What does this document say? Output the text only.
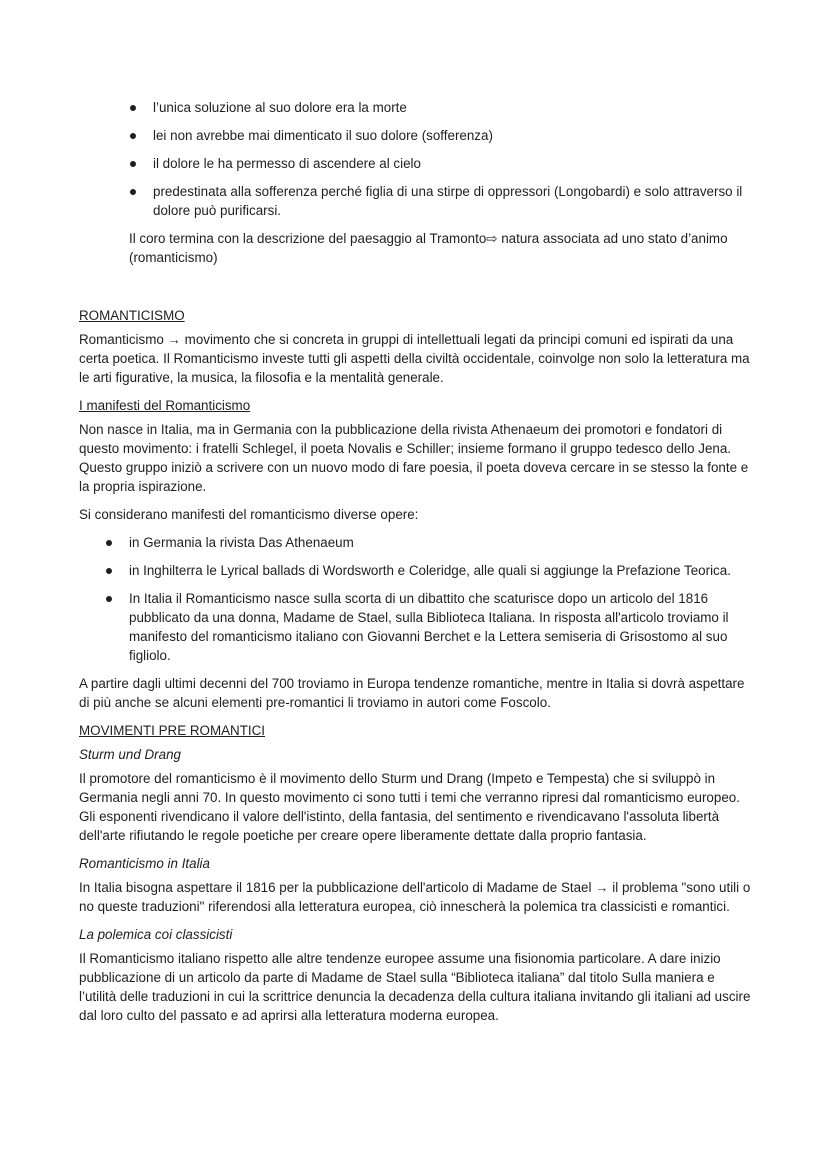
l’unica soluzione al suo dolore era la morte
lei non avrebbe mai dimenticato il suo dolore (sofferenza)
il dolore le ha permesso di ascendere al cielo
predestinata alla sofferenza perché figlia di una stirpe di oppressori (Longobardi) e solo attraverso il dolore può purificarsi.

Il coro termina con la descrizione del paesaggio al Tramonto⇨ natura associata ad uno stato d’animo (romanticismo)

ROMANTICISMO

Romanticismo → movimento che si concreta in gruppi di intellettuali legati da principi comuni ed ispirati da una certa poetica. Il Romanticismo investe tutti gli aspetti della civiltà occidentale, coinvolge non solo la letteratura ma le arti figurative, la musica, la filosofia e la mentalità generale.

I manifesti del Romanticismo

Non nasce in Italia, ma in Germania con la pubblicazione della rivista Athenaeum dei promotori e fondatori di questo movimento: i fratelli Schlegel, il poeta Novalis e Schiller; insieme formano il gruppo tedesco dello Jena. Questo gruppo iniziò a scrivere con un nuovo modo di fare poesia, il poeta doveva cercare in se stesso la fonte e la propria ispirazione.

Si considerano manifesti del romanticismo diverse opere:

in Germania la rivista Das Athenaeum
in Inghilterra le Lyrical ballads di Wordsworth e Coleridge, alle quali si aggiunge la Prefazione Teorica.
In Italia il Romanticismo nasce sulla scorta di un dibattito che scaturisce dopo un articolo del 1816 pubblicato da una donna, Madame de Stael, sulla Biblioteca Italiana. In risposta all'articolo troviamo il manifesto del romanticismo italiano con Giovanni Berchet e la Lettera semiseria di Grisostomo al suo figliolo.

A partire dagli ultimi decenni del 700 troviamo in Europa tendenze romantiche, mentre in Italia si dovrà aspettare di più anche se alcuni elementi pre-romantici li troviamo in autori come Foscolo.

MOVIMENTI PRE ROMANTICI
Sturm und Drang

Il promotore del romanticismo è il movimento dello Sturm und Drang (Impeto e Tempesta) che si sviluppò in Germania negli anni 70. In questo movimento ci sono tutti i temi che verranno ripresi dal romanticismo europeo. Gli esponenti rivendicano il valore dell'istinto, della fantasia, del sentimento e rivendicavano l'assoluta libertà dell'arte rifiutando le regole poetiche per creare opere liberamente dettate dalla proprio fantasia.

Romanticismo in Italia

In Italia bisogna aspettare il 1816 per la pubblicazione dell'articolo di Madame de Stael → il problema "sono utili o no queste traduzioni" riferendosi alla letteratura europea, ciò innescherà la polemica tra classicisti e romantici.

La polemica coi classicisti

Il Romanticismo italiano rispetto alle altre tendenze europee assume una fisionomia particolare. A dare inizio pubblicazione di un articolo da parte di Madame de Stael sulla “Biblioteca italiana” dal titolo Sulla maniera e l’utilità delle traduzioni in cui la scrittrice denuncia la decadenza della cultura italiana invitando gli italiani ad uscire dal loro culto del passato e ad aprirsi alla letteratura moderna europea.
